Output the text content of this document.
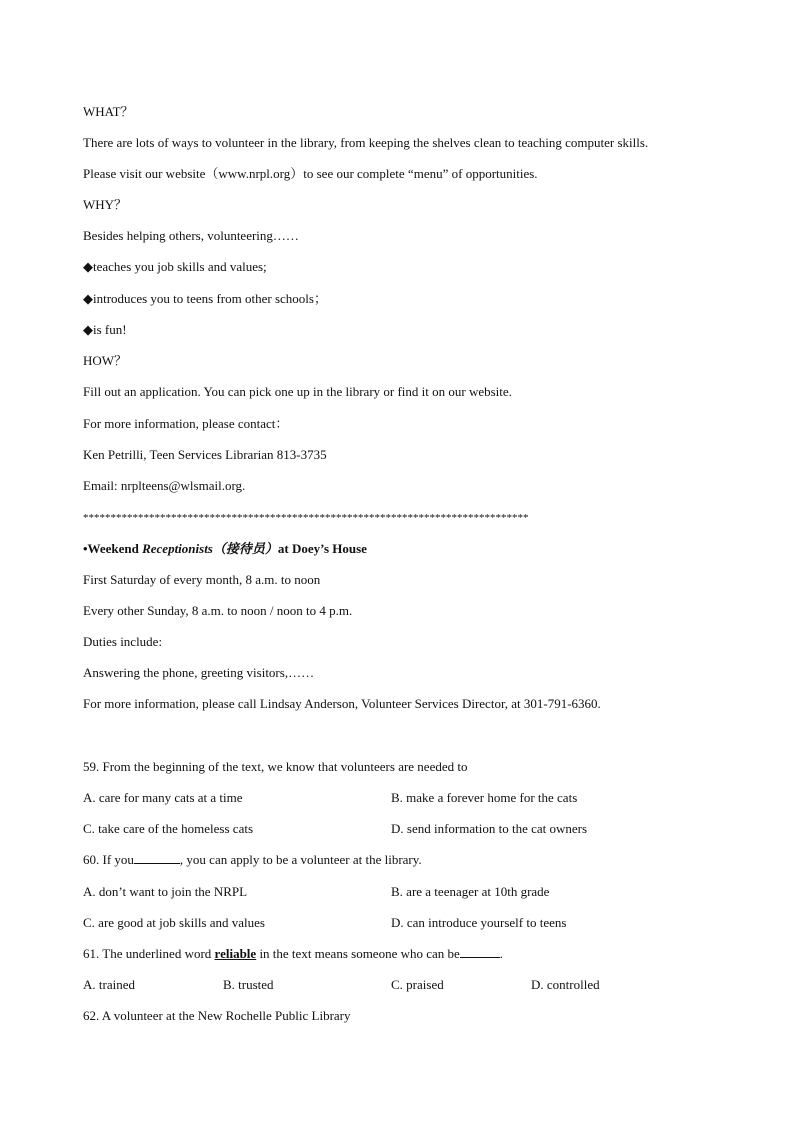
WHAT？
There are lots of ways to volunteer in the library, from keeping the shelves clean to teaching computer skills.
Please visit our website（www.nrpl.org）to see our complete “menu” of opportunities.
WHY？
Besides helping others, volunteering……
◆teaches you job skills and values;
◆introduces you to teens from other schools；
◆is fun!
HOW？
Fill out an application. You can pick one up in the library or find it on our website.
For more information, please contact：
Ken Petrilli, Teen Services Librarian 813-3735
Email: nrplteens@wlsmail.org.
*********************************************************************************
•Weekend Receptionists（接待员）at Doey’s House
First Saturday of every month, 8 a.m. to noon
Every other Sunday, 8 a.m. to noon / noon to 4 p.m.
Duties include:
Answering the phone, greeting visitors,……
For more information, please call Lindsay Anderson, Volunteer Services Director, at 301-791-6360.
59. From the beginning of the text, we know that volunteers are needed to
A. care for many cats at a time	B. make a forever home for the cats
C. take care of the homeless cats	D. send information to the cat owners
60. If you	, you can apply to be a volunteer at the library.
A. don’t want to join the NRPL	B. are a teenager at 10th grade
C. are good at job skills and values	D. can introduce yourself to teens
61. The underlined word reliable in the text means someone who can be	.
A. trained	B. trusted	C. praised	D. controlled
62. A volunteer at the New Rochelle Public Library
